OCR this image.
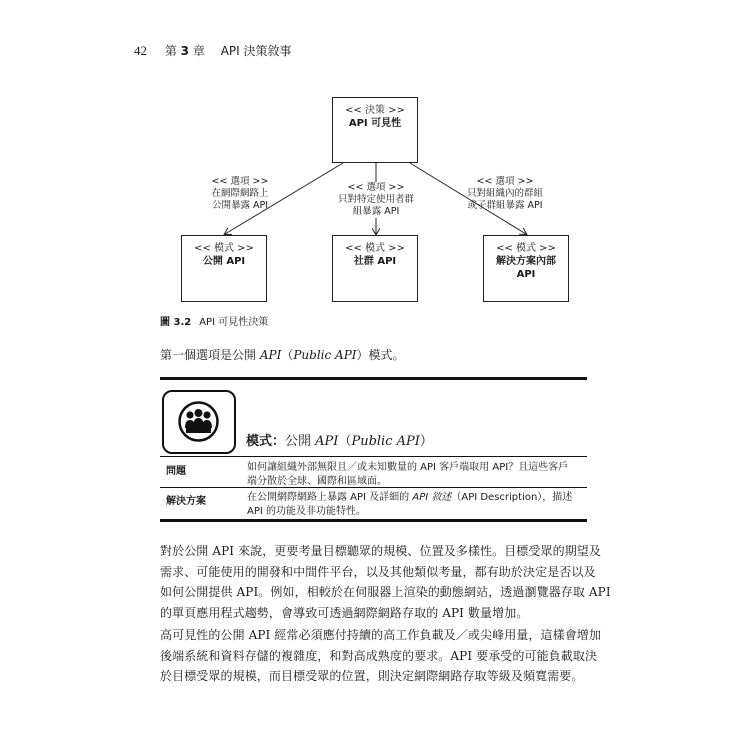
42 第 3 章 API 決策敘事
<< 決策 >>
API 可見性
<< 選項 >>
在網際網路上
公開暴露 API
<< 選項 >>
只對特定使用者群
組暴露 API
<< 選項 >>
只對組織內的群組
或子群組暴露 API
<< 模式 >>
公開 API
<< 模式 >>
社群 API
<< 模式 >>
解決方案內部
API
圖 3.2 API 可見性決策
第一個選項是公開 API（Public API）模式。
模式：公開 API（Public API）
問題	如何讓組織外部無限且／或未知數量的 API 客戶端取用 API？且這些客戶
端分散於全球、國際和區域面。
解決方案	在公開網際網路上暴露 API 及詳細的 API 敘述（API Description），描述
API 的功能及非功能特性。
對於公開 API 來說，更要考量目標聽眾的規模、位置及多樣性。目標受眾的期望及
需求、可能使用的開發和中間件平台，以及其他類似考量，都有助於決定是否以及
如何公開提供 API。例如，相較於在伺服器上渲染的動態網站，透過瀏覽器存取 API
的單頁應用程式趨勢，會導致可透過網際網路存取的 API 數量增加。
高可見性的公開 API 經常必須應付持續的高工作負載及／或尖峰用量，這樣會增加
後端系統和資料存儲的複雜度，和對高成熟度的要求。API 要承受的可能負載取決
於目標受眾的規模，而目標受眾的位置，則決定網際網路存取等級及頻寬需要。
